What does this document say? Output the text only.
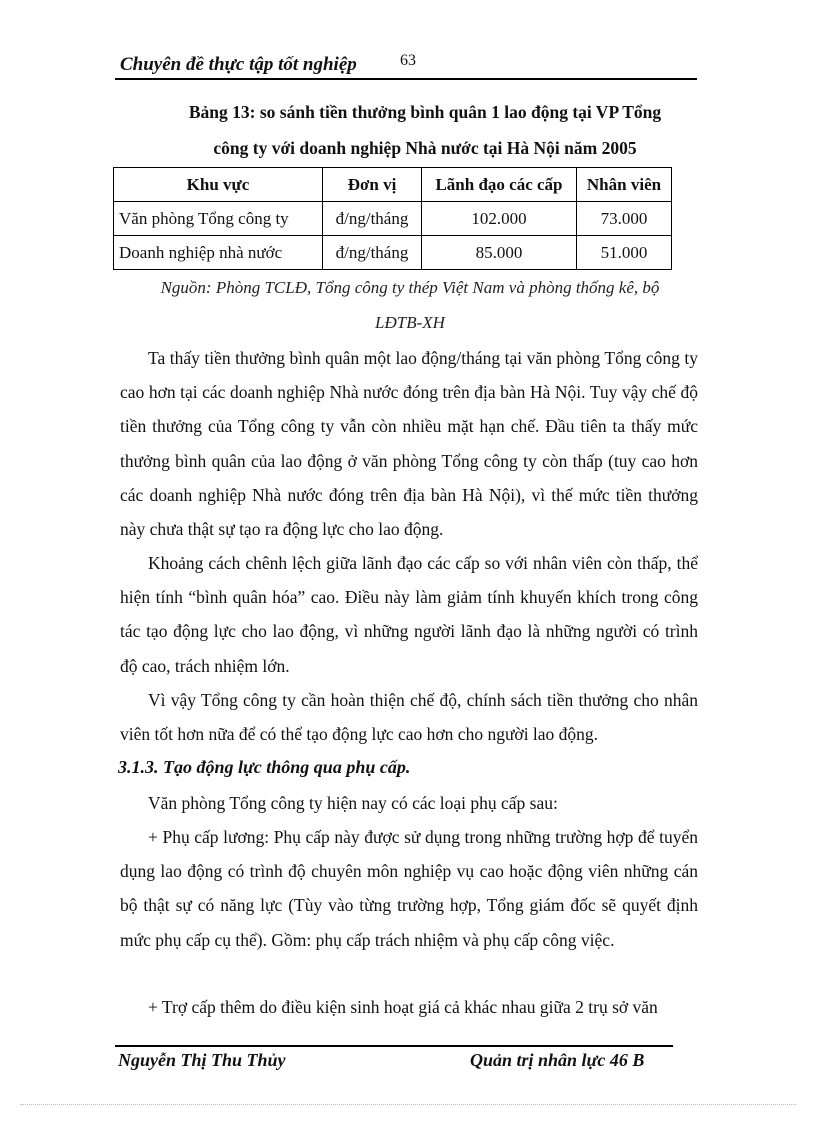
Chuyên đề thực tập tốt nghiệp	63
Bảng 13: so sánh tiền thưởng bình quân 1 lao động tại VP Tổng
công ty với doanh nghiệp Nhà nước tại Hà Nội năm 2005
Khu vực	Đơn vị	Lãnh đạo các cấp	Nhân viên
Văn phòng Tổng công ty	đ/ng/tháng	102.000	73.000
Doanh nghiệp nhà nước	đ/ng/tháng	85.000	51.000
Nguồn: Phòng TCLĐ, Tổng công ty thép Việt Nam và phòng thống kê, bộ
LĐTB-XH

Ta thấy tiền thưởng bình quân một lao động/tháng tại văn phòng Tổng công ty cao hơn tại các doanh nghiệp Nhà nước đóng trên địa bàn Hà Nội. Tuy vậy chế độ tiền thưởng của Tổng công ty vẫn còn nhiều mặt hạn chế. Đầu tiên ta thấy mức thưởng bình quân của lao động ở văn phòng Tổng công ty còn thấp (tuy cao hơn các doanh nghiệp Nhà nước đóng trên địa bàn Hà Nội), vì thế mức tiền thưởng này chưa thật sự tạo ra động lực cho lao động.

Khoảng cách chênh lệch giữa lãnh đạo các cấp so với nhân viên còn thấp, thể hiện tính “bình quân hóa” cao. Điều này làm giảm tính khuyến khích trong công tác tạo động lực cho lao động, vì những người lãnh đạo là những người có trình độ cao, trách nhiệm lớn.

Vì vậy Tổng công ty cần hoàn thiện chế độ, chính sách tiền thưởng cho nhân viên tốt hơn nữa để có thể tạo động lực cao hơn cho người lao động.

3.1.3. Tạo động lực thông qua phụ cấp.

Văn phòng Tổng công ty hiện nay có các loại phụ cấp sau:

+ Phụ cấp lương: Phụ cấp này được sử dụng trong những trường hợp để tuyển dụng lao động có trình độ chuyên môn nghiệp vụ cao hoặc động viên những cán bộ thật sự có năng lực (Tùy vào từng trường hợp, Tổng giám đốc sẽ quyết định mức phụ cấp cụ thể). Gồm: phụ cấp trách nhiệm và phụ cấp công việc.

+ Trợ cấp thêm do điều kiện sinh hoạt giá cả khác nhau giữa 2 trụ sở văn

Nguyễn Thị Thu Thủy	Quản trị nhân lực 46 B
